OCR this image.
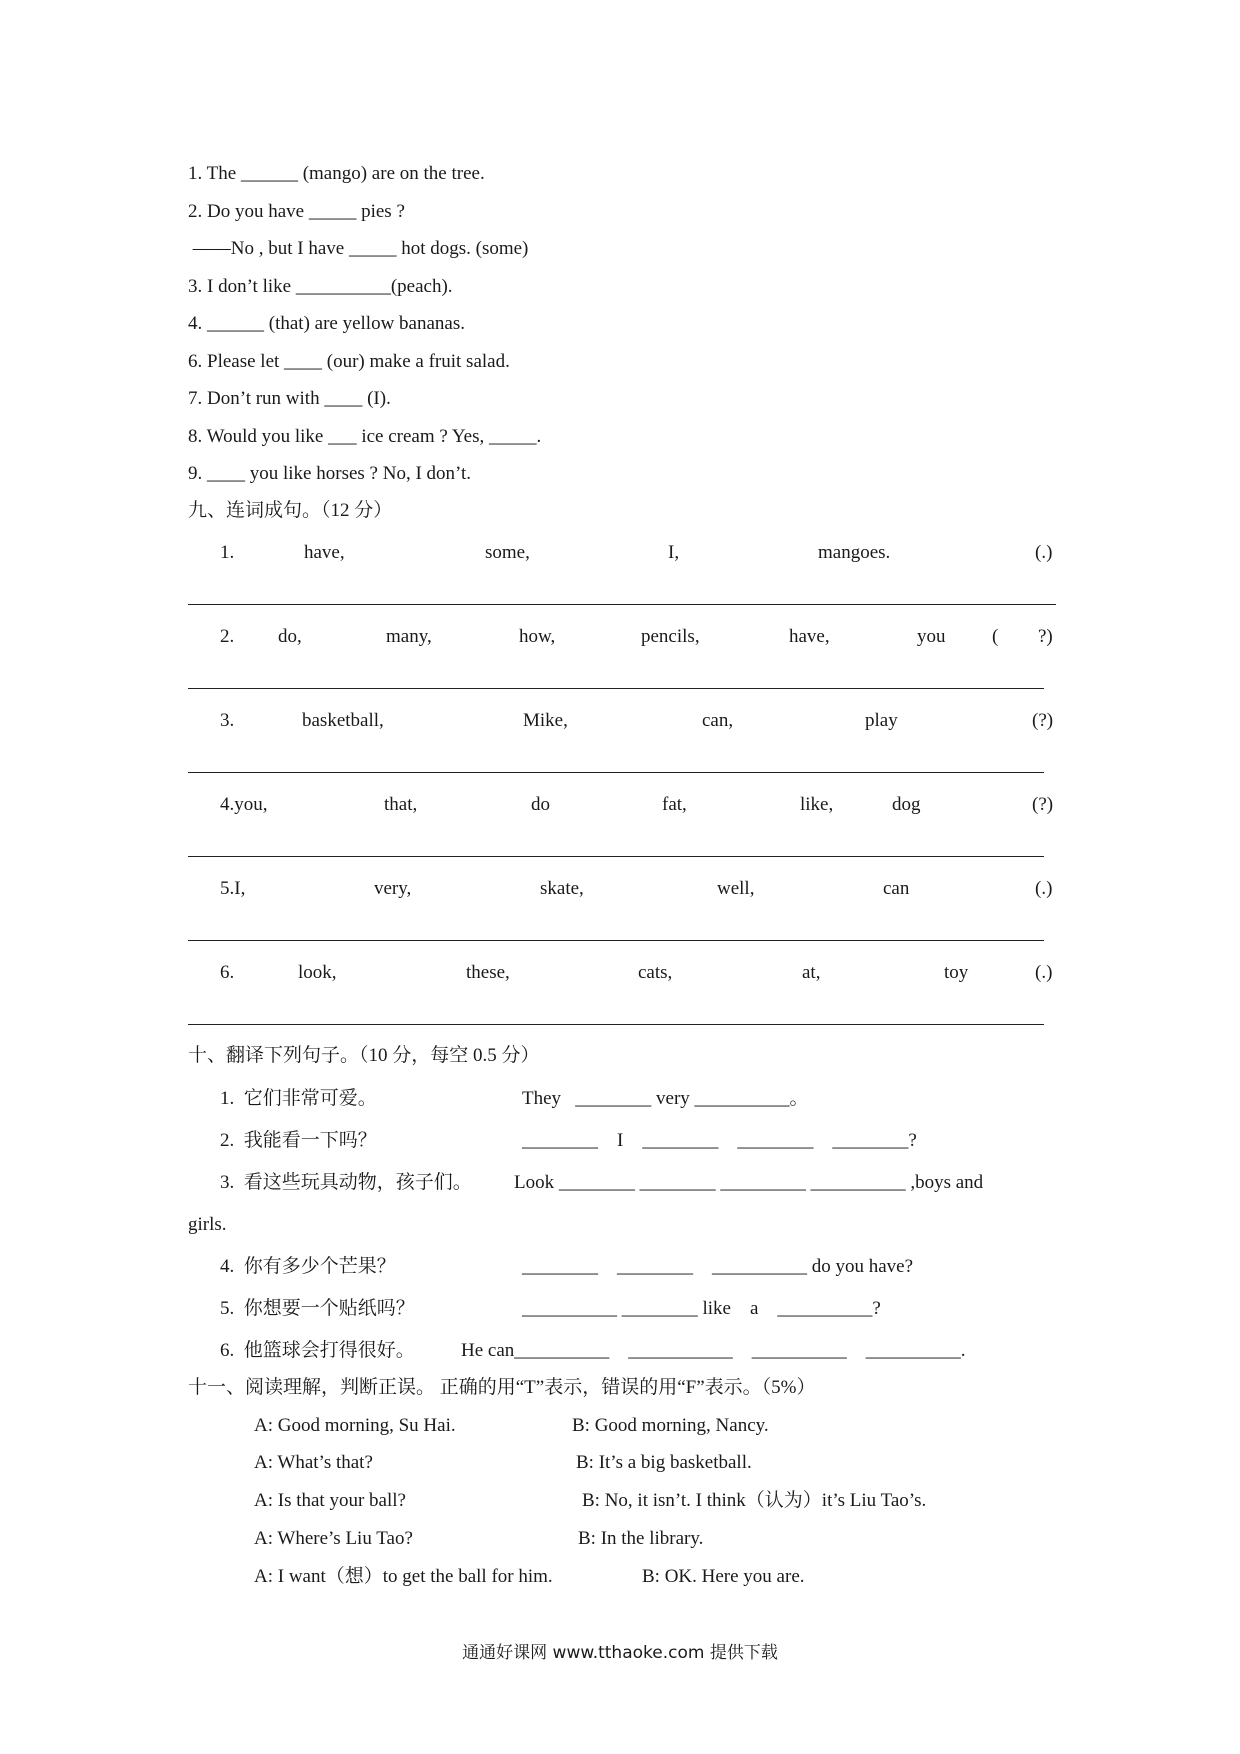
1. The ______ (mango) are on the tree.
2. Do you have _____ pies ?
——No , but I have _____ hot dogs. (some)
3. I don’t like __________(peach).
4. ______ (that) are yellow bananas.
6. Please let ____ (our) make a fruit salad.
7. Don’t run with ____ (I).
8. Would you like ___ ice cream ? Yes, _____.
9. ____ you like horses ? No, I don’t.
九、连词成句。（12 分）
1.	have,	some,	I,	mangoes.	(.)
2. do,	many,	how,	pencils,	have,	you ( ?)
3.	basketball,	Mike,	can,	play	(?)
4.you,	that,	do	fat,	like,	dog	(?)
5.I,	very,	skate,	well,	can	(.)
6.	look,	these,	cats,	at,	toy	(.)
十、翻译下列句子。（10 分，每空 0.5 分）
1.  它们非常可爱。	They   ________ very __________。
2.  我能看一下吗？	________    I    ________    ________    ________?
3.  看这些玩具动物，孩子们。 Look ________ ________ _________ __________ ,boys and
girls.
4.  你有多少个芒果？	________    ________    __________ do you have?
5.  你想要一个贴纸吗？	__________ ________ like    a    __________?
6.  他篮球会打得很好。 He can__________    ___________    __________    __________.
十一、阅读理解，判断正误。 正确的用“T”表示，错误的用“F”表示。（5%）
A: Good morning, Su Hai.	B: Good morning, Nancy.
A: What’s that?	B: It’s a big basketball.
A: Is that your ball?	B: No, it isn’t. I think（认为）it’s Liu Tao’s.
A: Where’s Liu Tao?	B: In the library.
A: I want（想）to get the ball for him.	B: OK. Here you are.
通通好课网 www.tthaoke.com 提供下载
